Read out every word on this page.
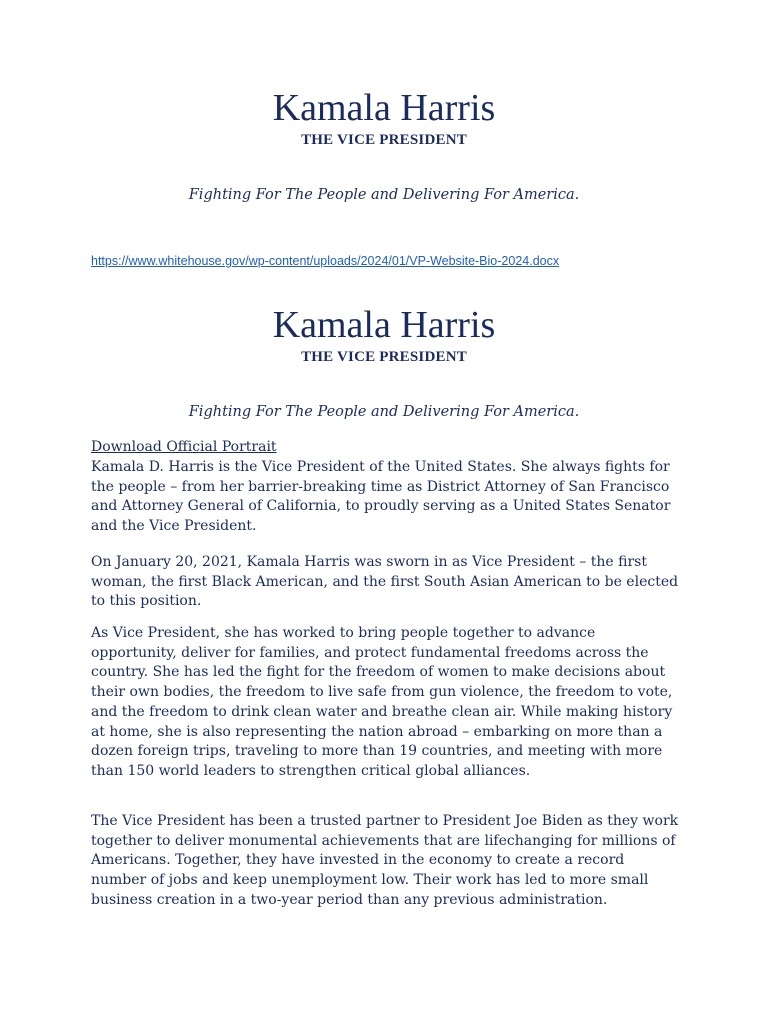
Kamala Harris
THE VICE PRESIDENT
Fighting For The People and Delivering For America.
https://www.whitehouse.gov/wp-content/uploads/2024/01/VP-Website-Bio-2024.docx
Kamala Harris
THE VICE PRESIDENT
Fighting For The People and Delivering For America.
Download Official Portrait

Kamala D. Harris is the Vice President of the United States. She always fights for the people – from her barrier-breaking time as District Attorney of San Francisco and Attorney General of California, to proudly serving as a United States Senator and the Vice President.

On January 20, 2021, Kamala Harris was sworn in as Vice President – the first woman, the first Black American, and the first South Asian American to be elected to this position.

As Vice President, she has worked to bring people together to advance opportunity, deliver for families, and protect fundamental freedoms across the country. She has led the fight for the freedom of women to make decisions about their own bodies, the freedom to live safe from gun violence, the freedom to vote, and the freedom to drink clean water and breathe clean air. While making history at home, she is also representing the nation abroad – embarking on more than a dozen foreign trips, traveling to more than 19 countries, and meeting with more than 150 world leaders to strengthen critical global alliances.

The Vice President has been a trusted partner to President Joe Biden as they work together to deliver monumental achievements that are lifechanging for millions of Americans. Together, they have invested in the economy to create a record number of jobs and keep unemployment low. Their work has led to more small business creation in a two-year period than any previous administration.
